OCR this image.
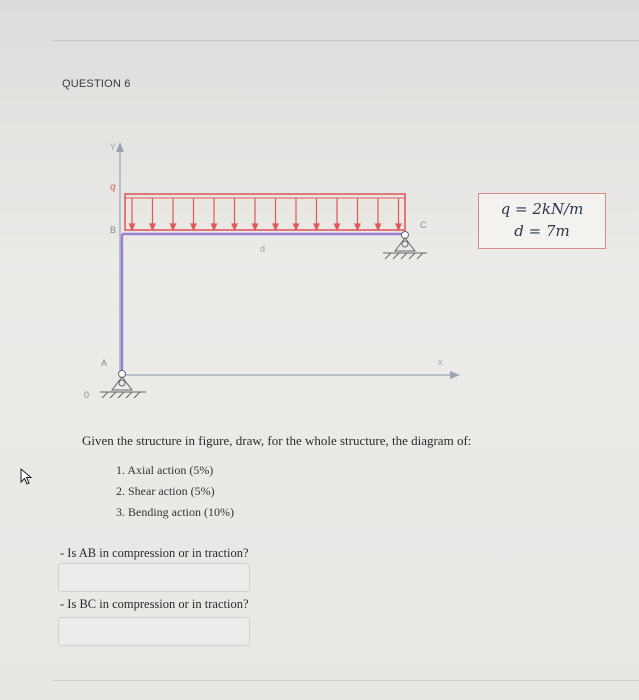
QUESTION 6
Y
x
q
B
A
C
d
0
q = 2kN/m
d = 7m
Given the structure in figure, draw, for the whole structure, the diagram of:
1. Axial action (5%)
2. Shear action (5%)
3. Bending action (10%)
- Is AB in compression or in traction?
- Is BC in compression or in traction?
